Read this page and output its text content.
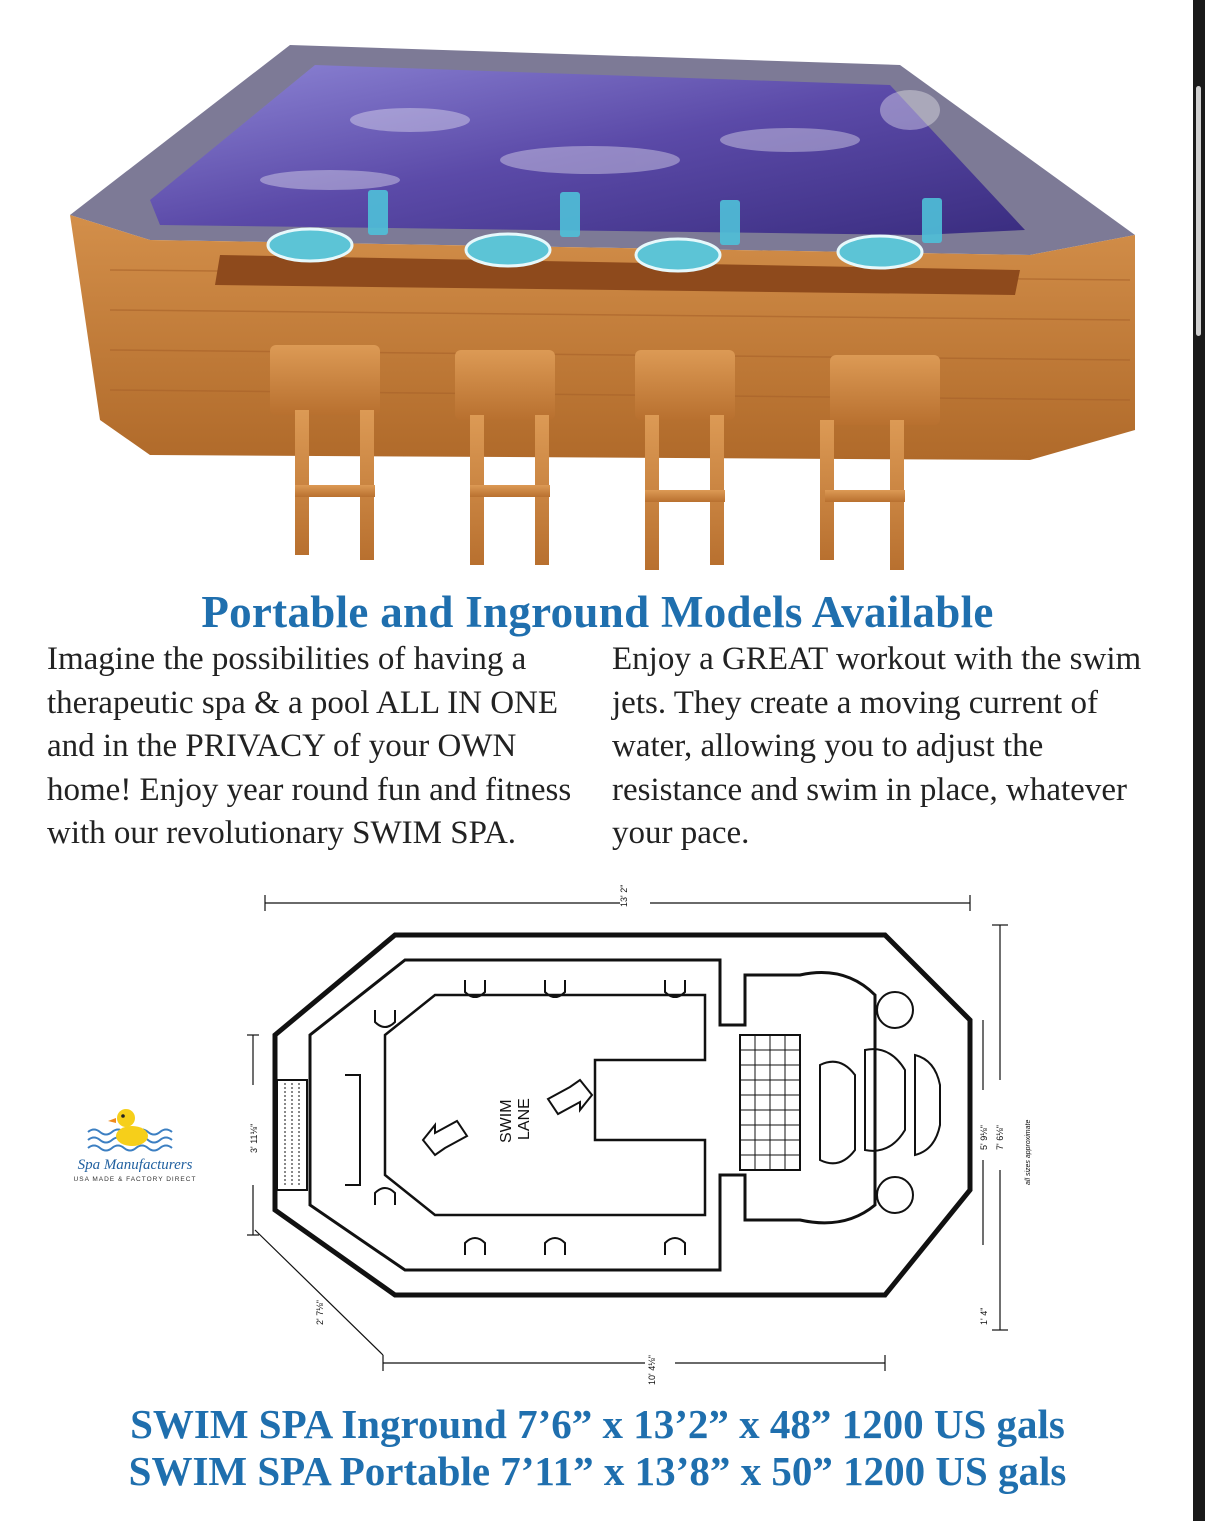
Portable and Inground Models Available
Imagine the possibilities of having a therapeutic spa & a pool ALL IN ONE and in the PRIVACY of your OWN home! Enjoy year round fun and fitness with our revolutionary SWIM SPA.
Enjoy a GREAT workout with the swim jets. They create a moving current of water, allowing you to adjust the resistance and swim in place, whatever your pace.
Spa Manufacturers
USA MADE & FACTORY DIRECT
13' 2"
10' 4⅛"
3' 11⅛"
2' 7⅛"
5' 9⅛" 7' 6⅛"
1' 4"
all sizes approximate
SWIM LANE
SWIM SPA Inground 7’6” x 13’2” x 48” 1200 US gals
SWIM SPA Portable 7’11” x 13’8” x 50” 1200 US gals
